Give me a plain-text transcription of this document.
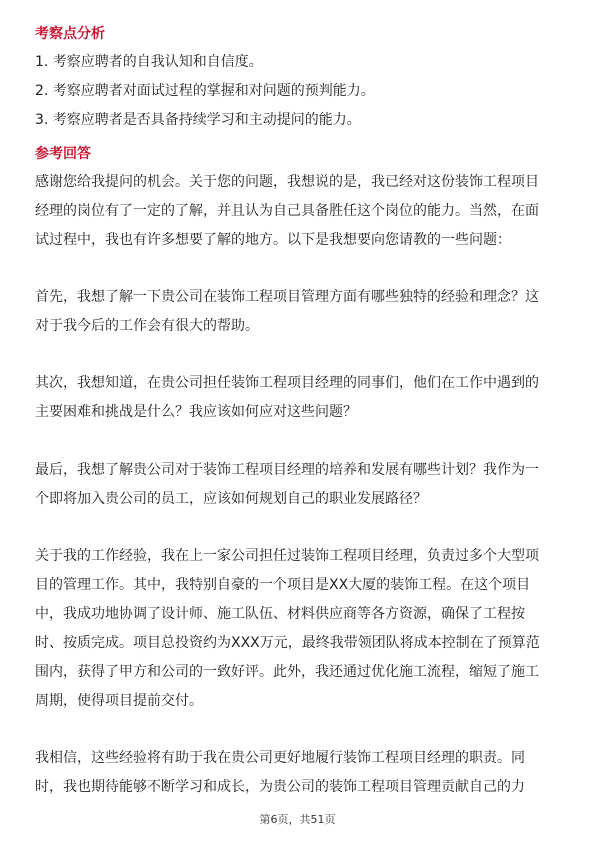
考察点分析
1. 考察应聘者的自我认知和自信度。
2. 考察应聘者对面试过程的掌握和对问题的预判能力。
3. 考察应聘者是否具备持续学习和主动提问的能力。
参考回答
感谢您给我提问的机会。关于您的问题，我想说的是，我已经对这份装饰工程项目
经理的岗位有了一定的了解，并且认为自己具备胜任这个岗位的能力。当然，在面
试过程中，我也有许多想要了解的地方。以下是我想要向您请教的一些问题：
首先，我想了解一下贵公司在装饰工程项目管理方面有哪些独特的经验和理念？这
对于我今后的工作会有很大的帮助。
其次，我想知道，在贵公司担任装饰工程项目经理的同事们，他们在工作中遇到的
主要困难和挑战是什么？我应该如何应对这些问题？
最后，我想了解贵公司对于装饰工程项目经理的培养和发展有哪些计划？我作为一
个即将加入贵公司的员工，应该如何规划自己的职业发展路径？
关于我的工作经验，我在上一家公司担任过装饰工程项目经理，负责过多个大型项
目的管理工作。其中，我特别自豪的一个项目是XX大厦的装饰工程。在这个项目
中，我成功地协调了设计师、施工队伍、材料供应商等各方资源，确保了工程按
时、按质完成。项目总投资约为XXX万元，最终我带领团队将成本控制在了预算范
围内，获得了甲方和公司的一致好评。此外，我还通过优化施工流程，缩短了施工
周期，使得项目提前交付。
我相信，这些经验将有助于我在贵公司更好地履行装饰工程项目经理的职责。同
时，我也期待能够不断学习和成长，为贵公司的装饰工程项目管理贡献自己的力
第6页，共51页
